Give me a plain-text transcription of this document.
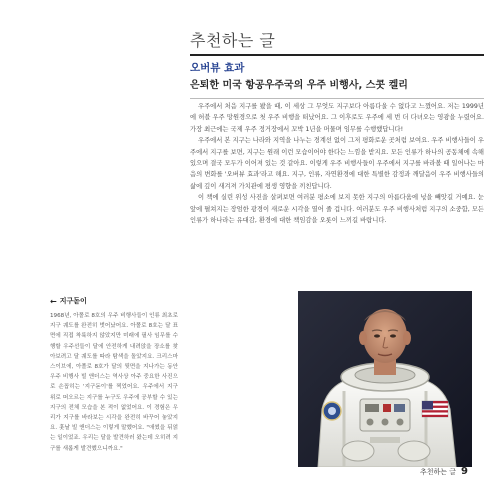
추천하는 글
오버뷰 효과
은퇴한 미국 항공우주국의 우주 비행사, 스콧 켈리

우주에서 처음 지구를 봤을 때, 이 세상 그 무엇도 지구보다 아름다울 수 없다고 느꼈어요. 저는 1999년에 허블 우주 망원경으로 첫 우주 비행을 떠났어요. 그 이후로도 우주에 세 번 더 다녀오는 영광을 누렸어요. 가장 최근에는 국제 우주 정거장에서 꼬박 1년을 머물며 임무를 수행했답니다!

우주에서 본 지구는 나라와 지역을 나누는 경계선 없이 그저 평화로운 곳처럼 보여요. 우주 비행사들이 우주에서 지구를 보면, 지구는 원래 이런 모습이어야 한다는 느낌을 받지요. 모든 인류가 하나의 공동체에 속해 있으며 결국 모두가 이어져 있는 것 같아요. 이렇게 우주 비행사들이 우주에서 지구를 바라볼 때 일어나는 마음의 변화를 '오버뷰 효과'라고 해요. 지구, 인류, 자연환경에 대한 특별한 감정과 깨달음이 우주 비행사들의 삶에 깊이 새겨져 가치관에 평생 영향을 끼친답니다.

이 책에 실린 위성 사진을 살펴보면 여러분 평소에 보지 못한 지구의 아름다움에 넋을 빼앗길 거예요. 눈앞에 펼쳐지는 장엄한 광경이 새로운 시각을 열어 줄 겁니다. 여러분도 우주 비행사처럼 지구의 소중함, 모든 인류가 하나라는 유대감, 환경에 대한 책임감을 오롯이 느끼길 바랍니다.

← 지구돋이

1968년, 아폴로 8호의 우주 비행사들이 인류 최초로 지구 궤도를 완전히 벗어났어요. 아폴로 8호는 달 표면에 직접 착륙하지 않았지만 미래에 필사 임무를 수행할 우주선들이 달에 안전하게 내려앉을 장소를 찾아보려고 달 궤도를 따라 탐색을 돌았지요. 크리스마스이브에, 아폴로 8호가 달의 뒷면을 지나가는 동안 우주 비행사 빌 앤더스는 역사상 아주 중요한 사진으로 손꼽히는 '지구돋이'를 찍었어요. 우주에서 지구 위로 떠오르는 지구를 누구도 우주에 공부할 수 있는 지구의 전체 모습을 본 적이 없었어요. 이 경험은 우리가 지구를 바라보는 시각을 완전히 바꾸어 놓았지요. 훗날 빌 앤더스는 이렇게 말했어요. "애썼을 뒤얽는 일이었죠. 우리는 달을 발견하러 왔는데 오히려 지구를 새롭게 발견했으니까요."

추천하는 글 9
